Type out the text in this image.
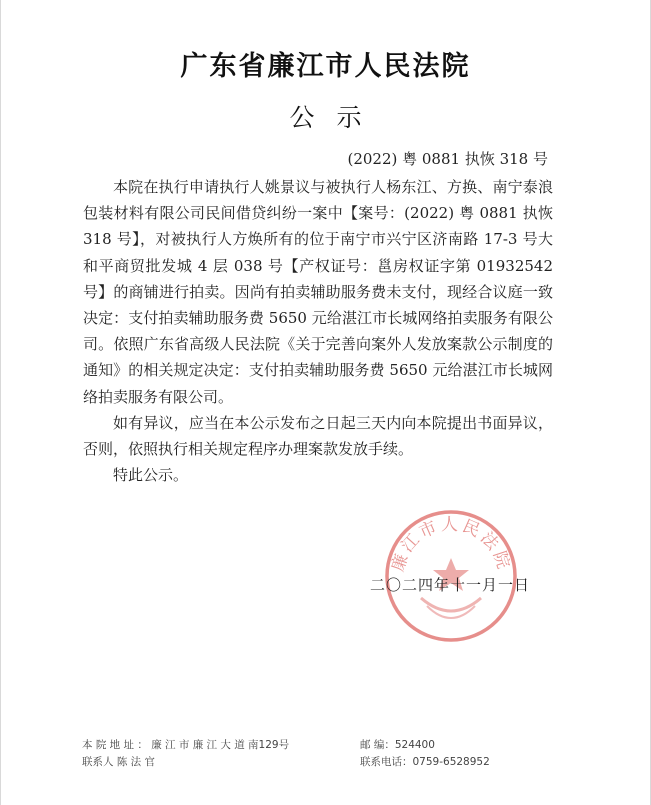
广东省廉江市人民法院
公示
(2022) 粤 0881 执恢 318 号

本院在执行申请执行人姚景议与被执行人杨东江、方换、南宁泰浪包装材料有限公司民间借贷纠纷一案中【案号：(2022) 粤 0881 执恢 318 号】，对被执行人方焕所有的位于南宁市兴宁区济南路 17-3 号大和平商贸批发城 4 层 038 号【产权证号：邕房权证字第 01932542 号】的商铺进行拍卖。因尚有拍卖辅助服务费未支付，现经合议庭一致决定：支付拍卖辅助服务费 5650 元给湛江市长城网络拍卖服务有限公司。依照广东省高级人民法院《关于完善向案外人发放案款公示制度的通知》的相关规定决定：支付拍卖辅助服务费 5650 元给湛江市长城网络拍卖服务有限公司。

如有异议，应当在本公示发布之日起三天内向本院提出书面异议，否则，依照执行相关规定程序办理案款发放手续。

特此公示。

廉江市人民法院
二〇二四年十一月一日
本 院 地 址 ： 廉 江 市 廉 江 大 道 南129号	邮 编：524400
联系人 陈 法 官	联系电话：0759-6528952
